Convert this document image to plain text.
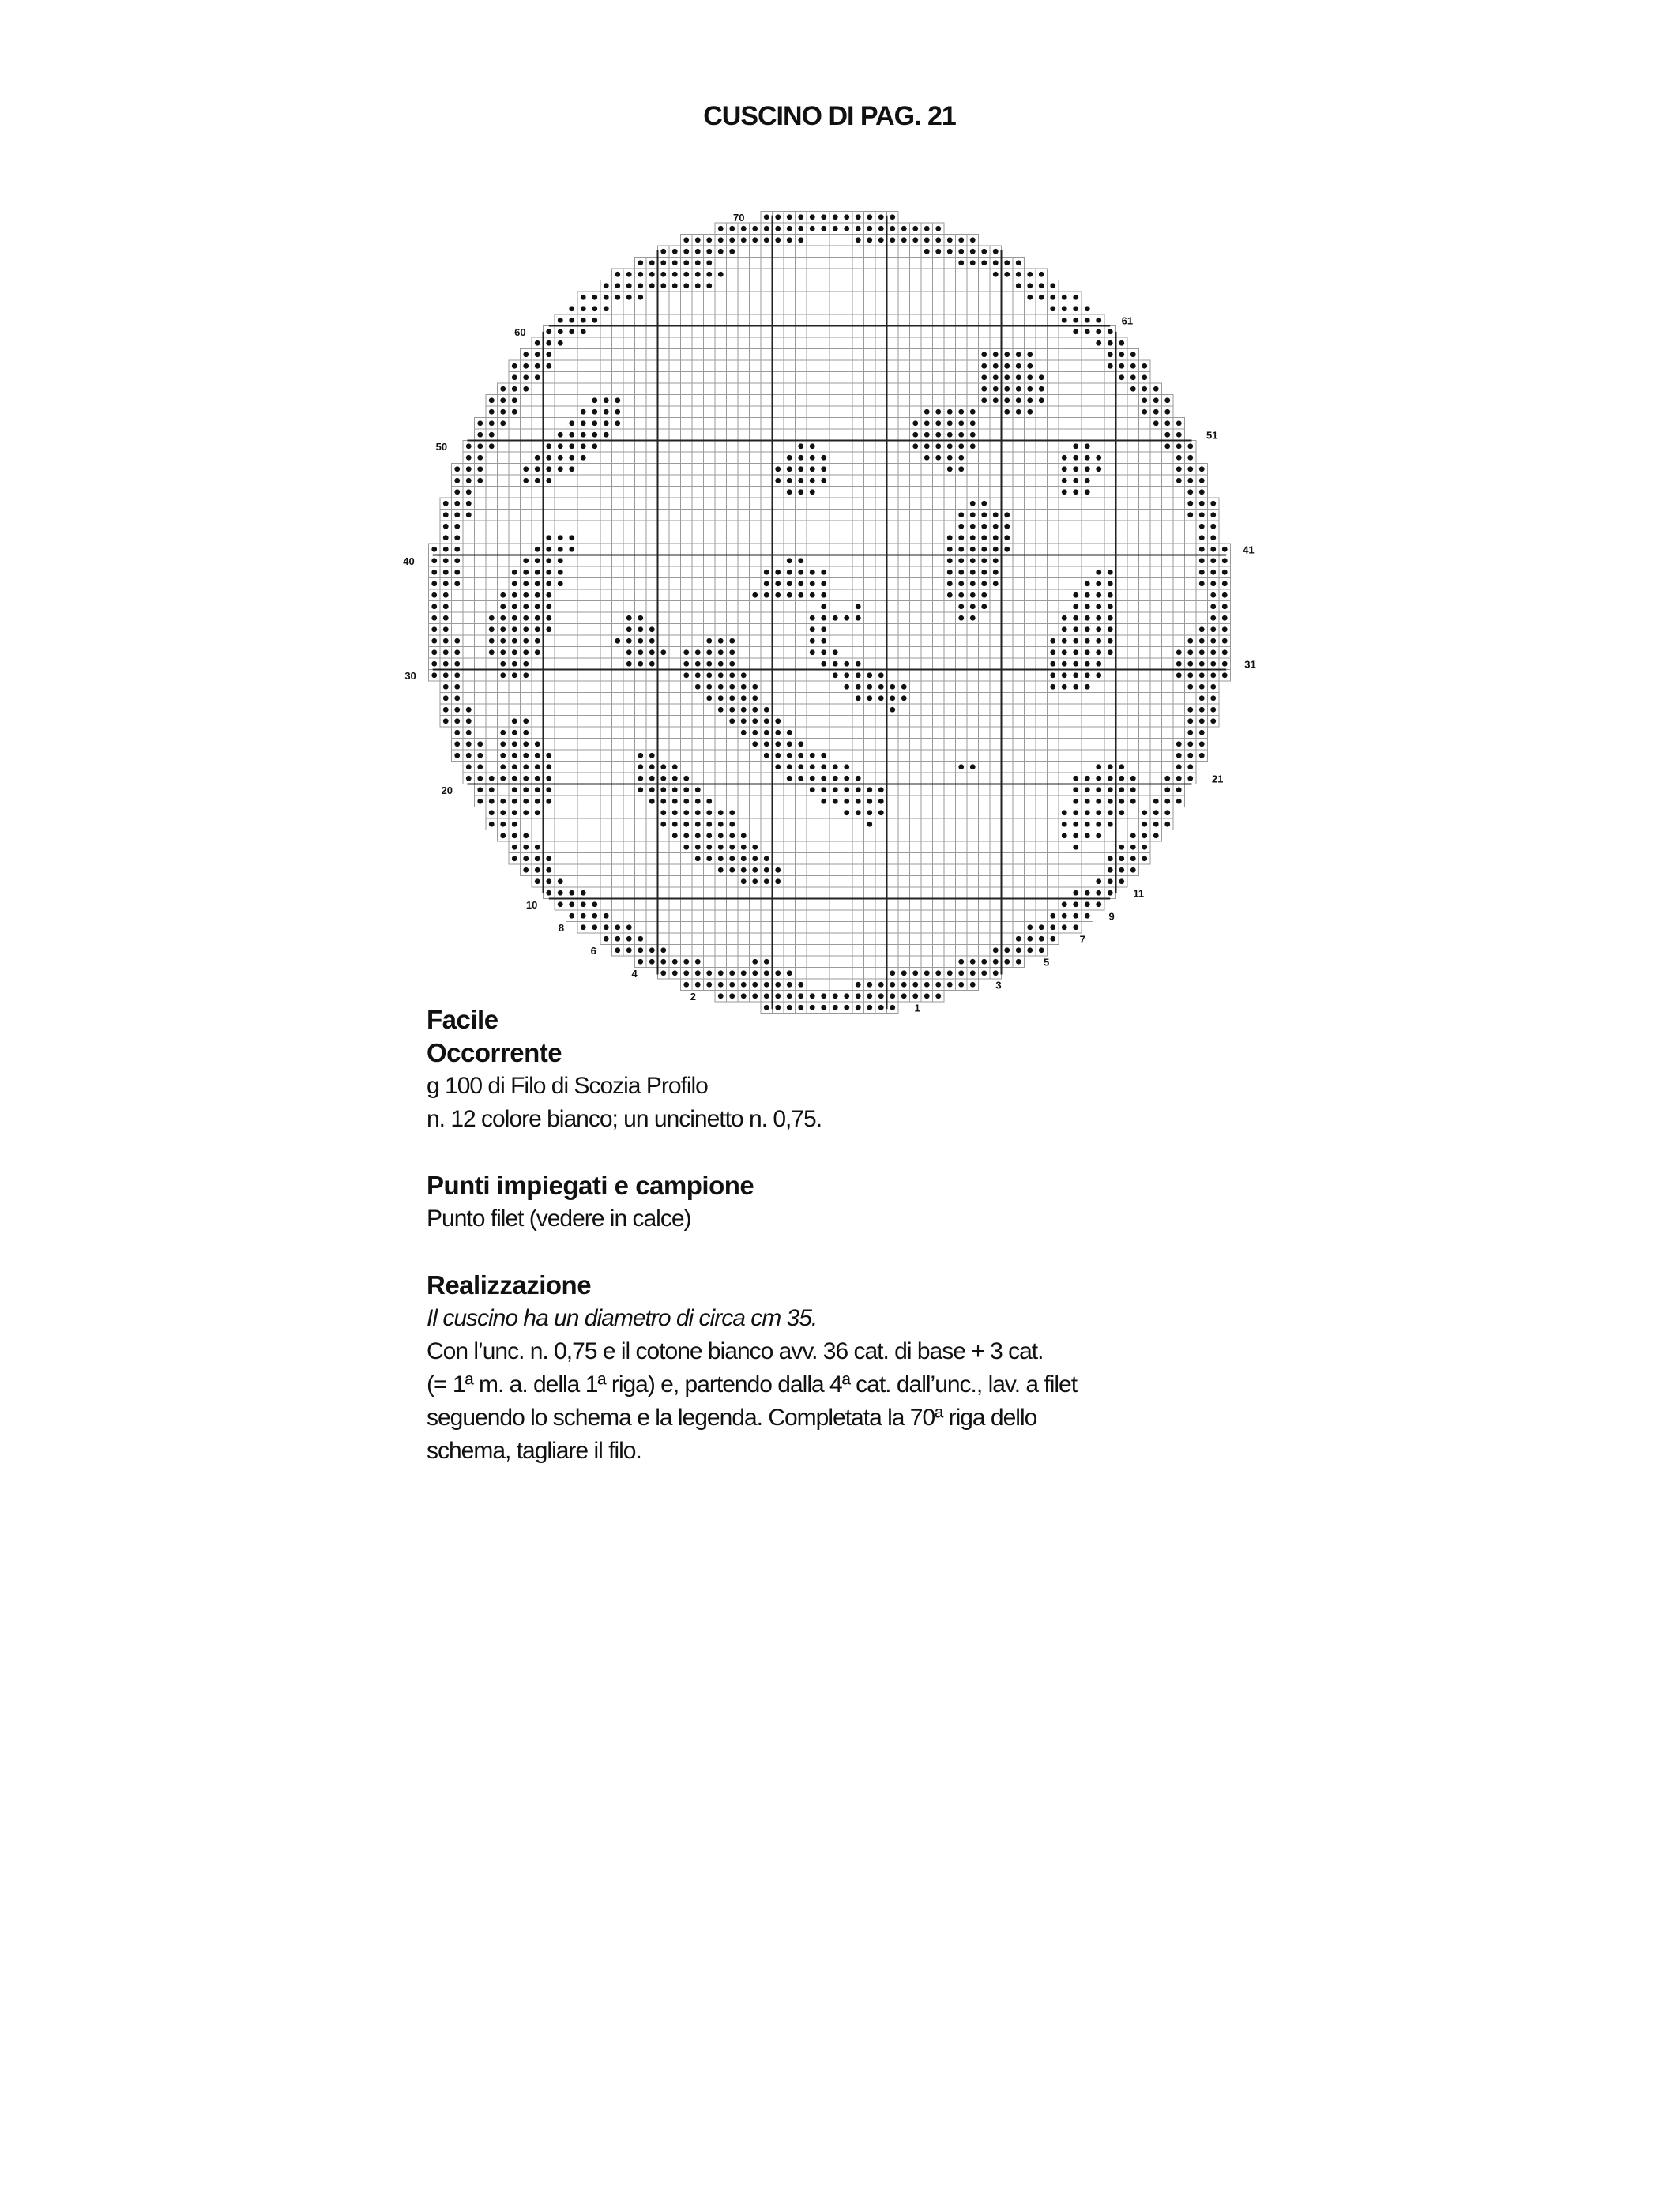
CUSCINO DI PAG. 21
1
3
5
7
9
11
21
31
41
51
61
2
4
6
8
10
20
30
40
50
60
70
Facile
Occorrente
g 100 di Filo di Scozia Profilo
n. 12 colore bianco; un uncinetto n. 0,75.
Punti impiegati e campione
Punto filet (vedere in calce)
Realizzazione
Il cuscino ha un diametro di circa cm 35.
Con l’unc. n. 0,75 e il cotone bianco avv. 36 cat. di base + 3 cat.
(= 1ª m. a. della 1ª riga) e, partendo dalla 4ª cat. dall’unc., lav. a filet
seguendo lo schema e la legenda. Completata la 70ª riga dello
schema, tagliare il filo.
